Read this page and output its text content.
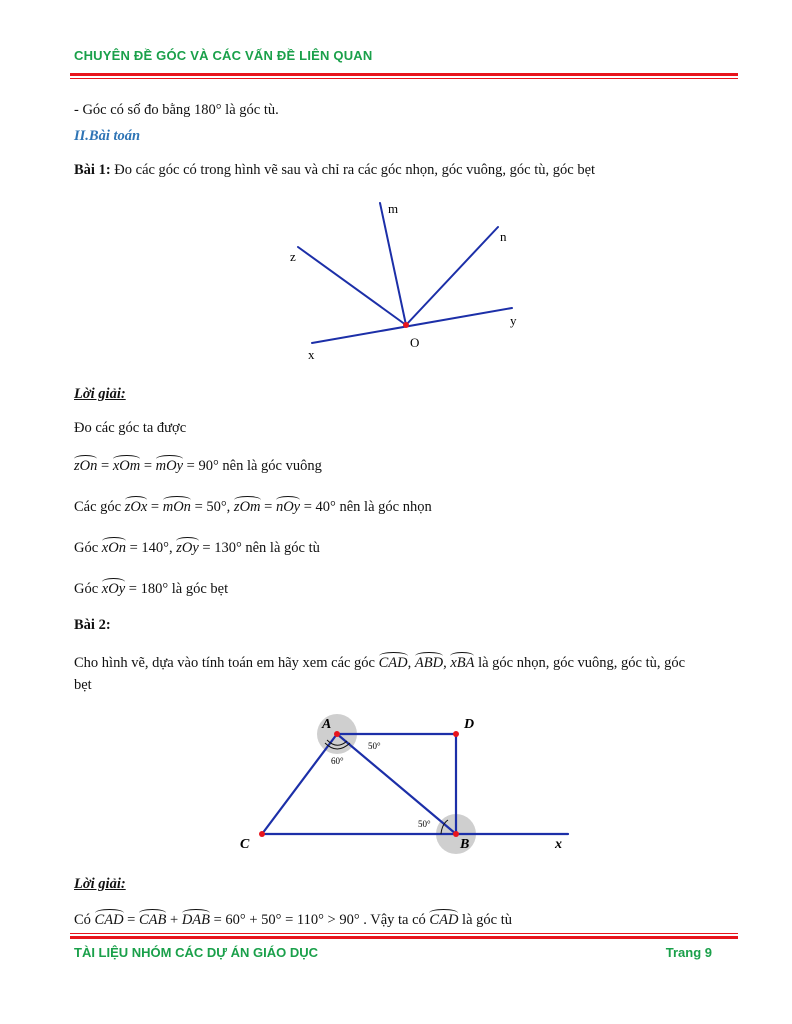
CHUYÊN ĐỀ GÓC VÀ CÁC VẤN ĐỀ LIÊN QUAN
- Góc có số đo bằng 180° là góc tù.
II.Bài toán
Bài 1: Đo các góc có trong hình vẽ sau và chỉ ra các góc nhọn, góc vuông, góc tù, góc bẹt
m
n
z
y
x
O
Lời giải:
Đo các góc ta được
zOn = xOm = mOy = 90° nên là góc vuông
Các góc zOx = mOn = 50°, zOm = nOy = 40° nên là góc nhọn
Góc xOn = 140°, zOy = 130° nên là góc tù
Góc xOy = 180° là góc bẹt
Bài 2:
Cho hình vẽ, dựa vào tính toán em hãy xem các góc CAD, ABD, xBA là góc nhọn, góc vuông, góc tù, góc
bẹt
A	D
C	B	x
50°
60°
50°
Lời giải:
Có CAD = CAB + DAB = 60° + 50° = 110° > 90° . Vậy ta có CAD là góc tù
TÀI LIỆU NHÓM CÁC DỰ ÁN GIÁO DỤC	Trang 9
